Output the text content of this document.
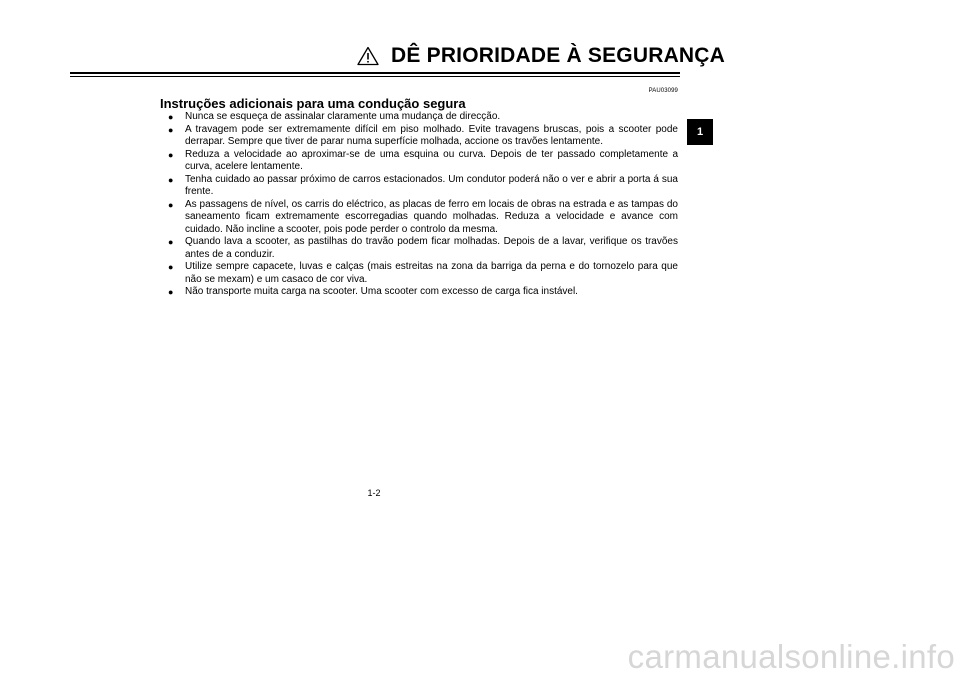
DÊ PRIORIDADE À SEGURANÇA
PAU03099
Instruções adicionais para uma condução segura
● Nunca se esqueça de assinalar claramente uma mudança de direcção.
● A travagem pode ser extremamente difícil em piso molhado. Evite travagens bruscas, pois a scooter pode derrapar. Sempre que tiver de parar numa superfície molhada, accione os travões lentamente.
● Reduza a velocidade ao aproximar-se de uma esquina ou curva. Depois de ter passado completamente a curva, acelere lentamente.
● Tenha cuidado ao passar próximo de carros estacionados. Um condutor poderá não o ver e abrir a porta á sua frente.
● As passagens de nível, os carris do eléctrico, as placas de ferro em locais de obras na estrada e as tampas do saneamento ficam extremamente escorregadias quando molhadas. Reduza a velocidade e avance com cuidado. Não incline a scooter, pois pode perder o controlo da mesma.
● Quando lava a scooter, as pastilhas do travão podem ficar molhadas. Depois de a lavar, verifique os travões antes de a conduzir.
● Utilize sempre capacete, luvas e calças (mais estreitas na zona da barriga da perna e do tornozelo para que não se mexam) e um casaco de cor viva.
● Não transporte muita carga na scooter. Uma scooter com excesso de carga fica instável.
1-2
1
carmanualsonline.info
